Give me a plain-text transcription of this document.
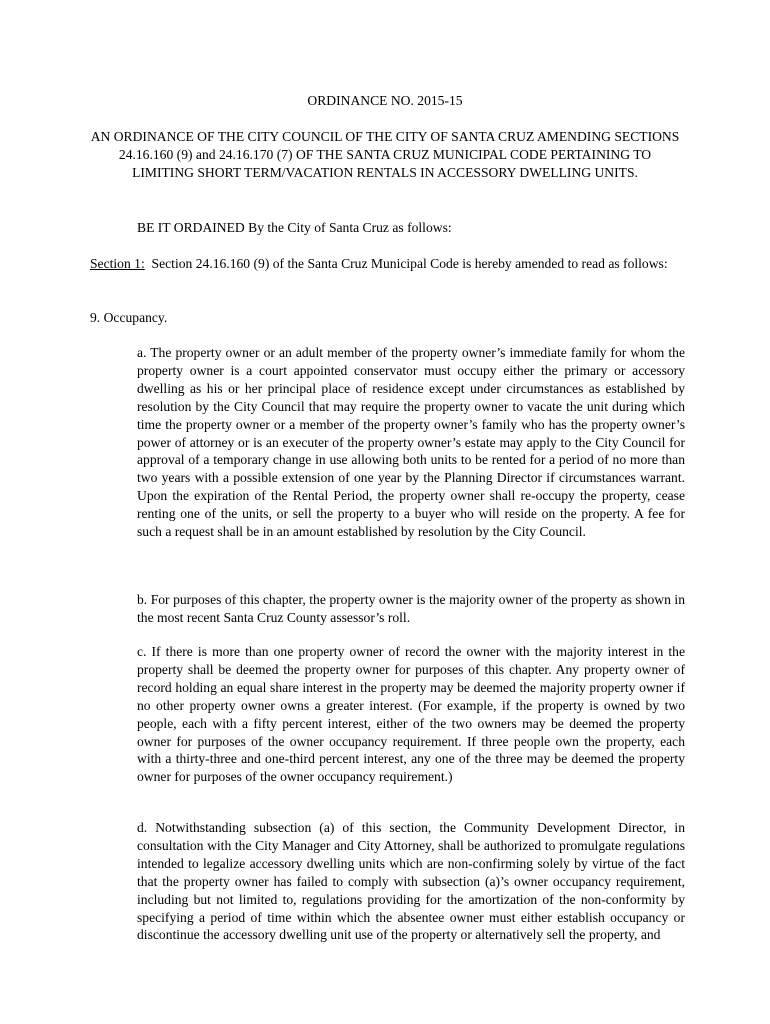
ORDINANCE NO. 2015-15

AN ORDINANCE OF THE CITY COUNCIL OF THE CITY OF SANTA CRUZ AMENDING SECTIONS 24.16.160 (9) and 24.16.170 (7) OF THE SANTA CRUZ MUNICIPAL CODE PERTAINING TO LIMITING SHORT TERM/VACATION RENTALS IN ACCESSORY DWELLING UNITS.

BE IT ORDAINED By the City of Santa Cruz as follows:

Section 1: Section 24.16.160 (9) of the Santa Cruz Municipal Code is hereby amended to read as follows:

9. Occupancy.

a. The property owner or an adult member of the property owner’s immediate family for whom the property owner is a court appointed conservator must occupy either the primary or accessory dwelling as his or her principal place of residence except under circumstances as established by resolution by the City Council that may require the property owner to vacate the unit during which time the property owner or a member of the property owner’s family who has the property owner’s power of attorney or is an executer of the property owner’s estate may apply to the City Council for approval of a temporary change in use allowing both units to be rented for a period of no more than two years with a possible extension of one year by the Planning Director if circumstances warrant. Upon the expiration of the Rental Period, the property owner shall re-occupy the property, cease renting one of the units, or sell the property to a buyer who will reside on the property. A fee for such a request shall be in an amount established by resolution by the City Council.

b. For purposes of this chapter, the property owner is the majority owner of the property as shown in the most recent Santa Cruz County assessor’s roll.

c. If there is more than one property owner of record the owner with the majority interest in the property shall be deemed the property owner for purposes of this chapter. Any property owner of record holding an equal share interest in the property may be deemed the majority property owner if no other property owner owns a greater interest. (For example, if the property is owned by two people, each with a fifty percent interest, either of the two owners may be deemed the property owner for purposes of the owner occupancy requirement. If three people own the property, each with a thirty-three and one-third percent interest, any one of the three may be deemed the property owner for purposes of the owner occupancy requirement.)

d. Notwithstanding subsection (a) of this section, the Community Development Director, in consultation with the City Manager and City Attorney, shall be authorized to promulgate regulations intended to legalize accessory dwelling units which are non-confirming solely by virtue of the fact that the property owner has failed to comply with subsection (a)’s owner occupancy requirement, including but not limited to, regulations providing for the amortization of the non-conformity by specifying a period of time within which the absentee owner must either establish occupancy or discontinue the accessory dwelling unit use of the property or alternatively sell the property, and
